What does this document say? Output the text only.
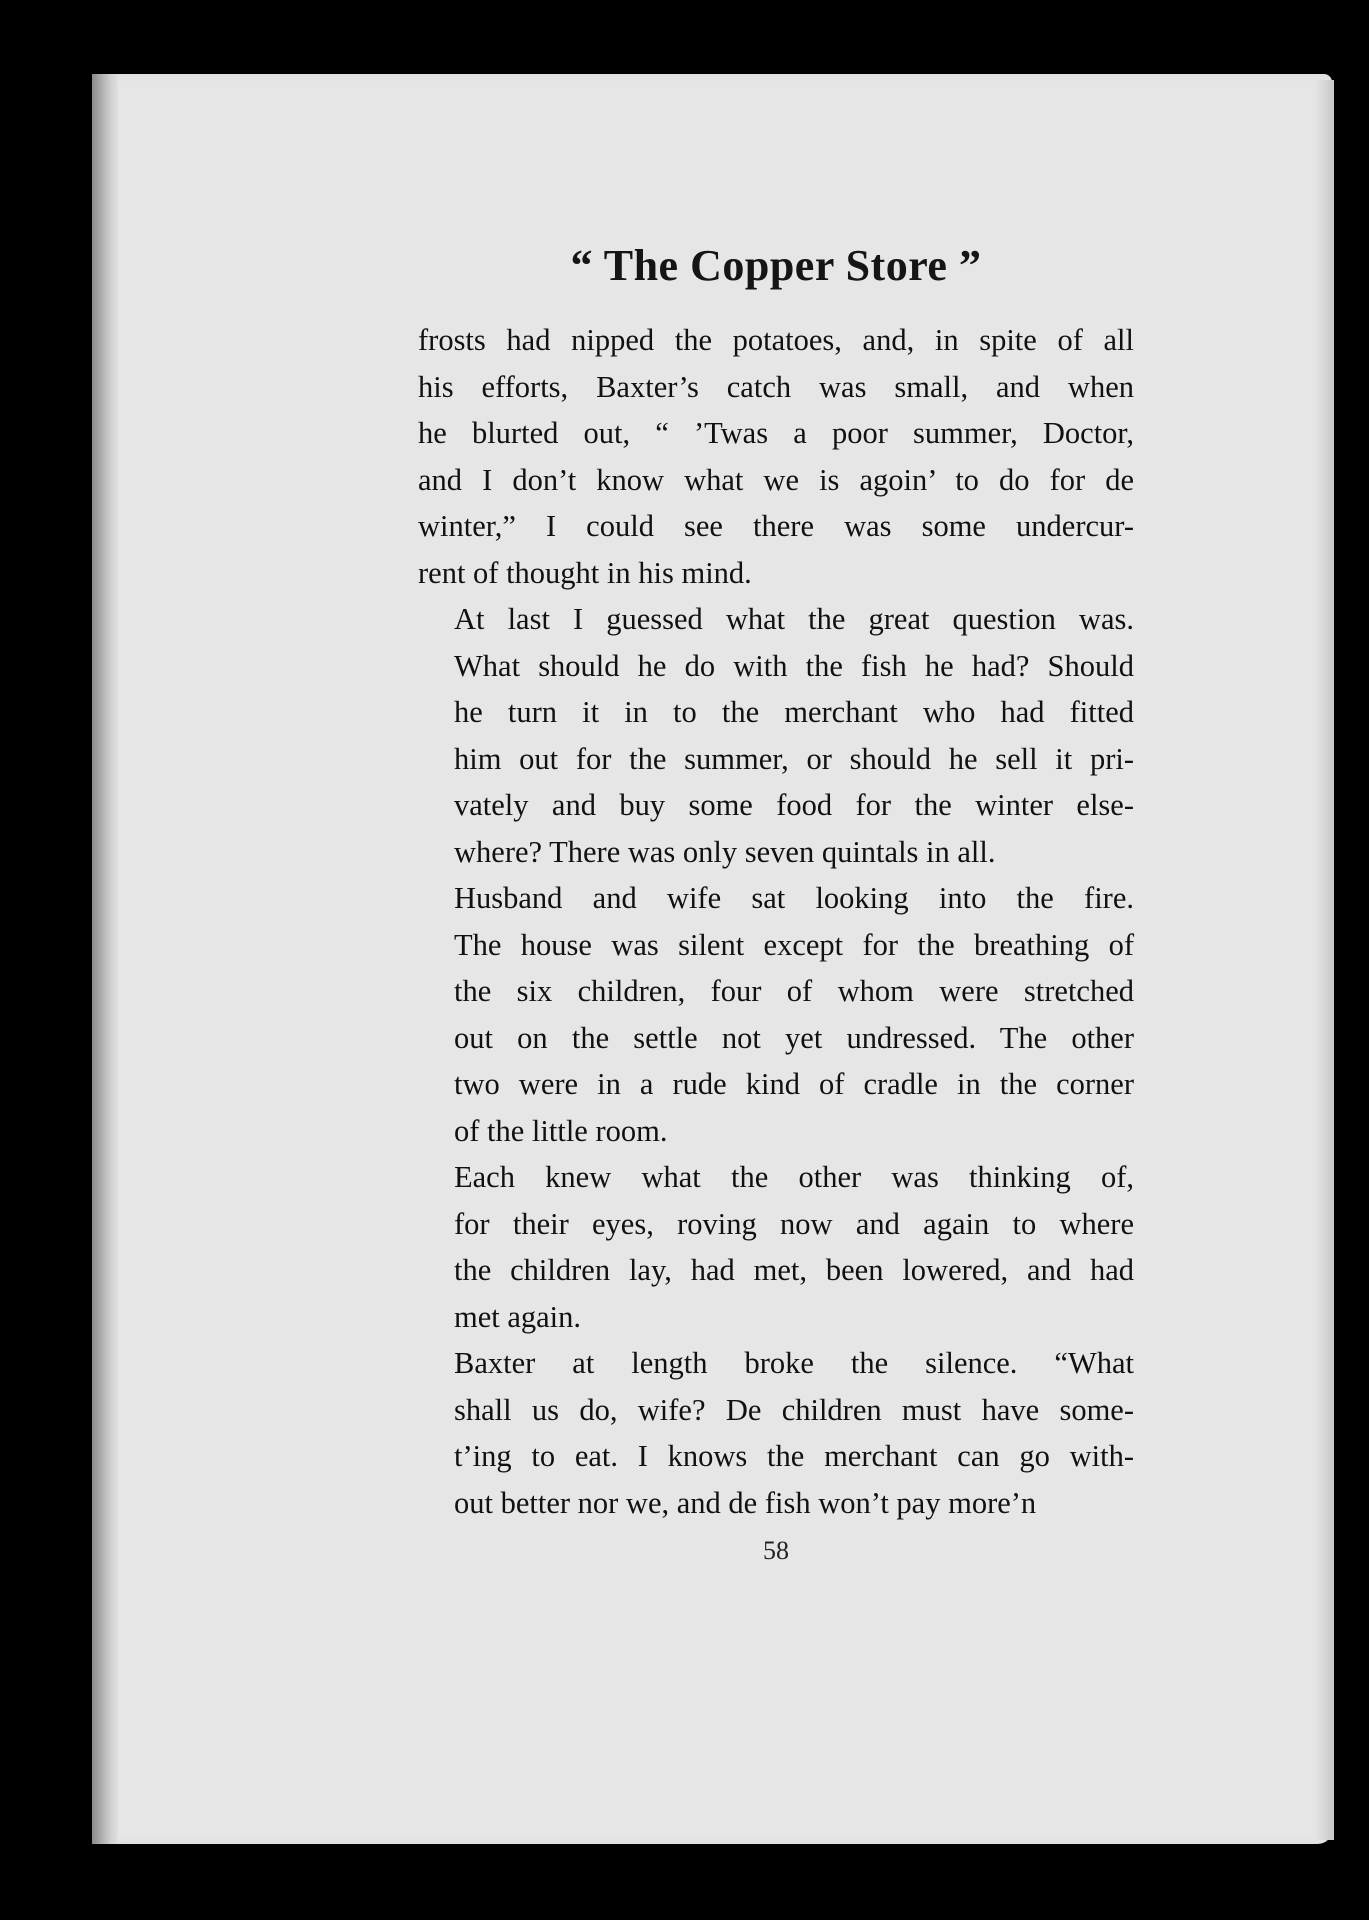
“ The Copper Store ”
frosts had nipped the potatoes, and, in spite of all
his efforts, Baxter’s catch was small, and when
he blurted out, “ ’Twas a poor summer, Doctor,
and I don’t know what we is agoin’ to do for de
winter,” I could see there was some undercur-
rent of thought in his mind.
At last I guessed what the great question was.
What should he do with the fish he had? Should
he turn it in to the merchant who had fitted
him out for the summer, or should he sell it pri-
vately and buy some food for the winter else-
where? There was only seven quintals in all.
Husband and wife sat looking into the fire.
The house was silent except for the breathing of
the six children, four of whom were stretched
out on the settle not yet undressed. The other
two were in a rude kind of cradle in the corner
of the little room.
Each knew what the other was thinking of,
for their eyes, roving now and again to where
the children lay, had met, been lowered, and had
met again.
Baxter at length broke the silence. “What
shall us do, wife? De children must have some-
t’ing to eat. I knows the merchant can go with-
out better nor we, and de fish won’t pay more’n
58
